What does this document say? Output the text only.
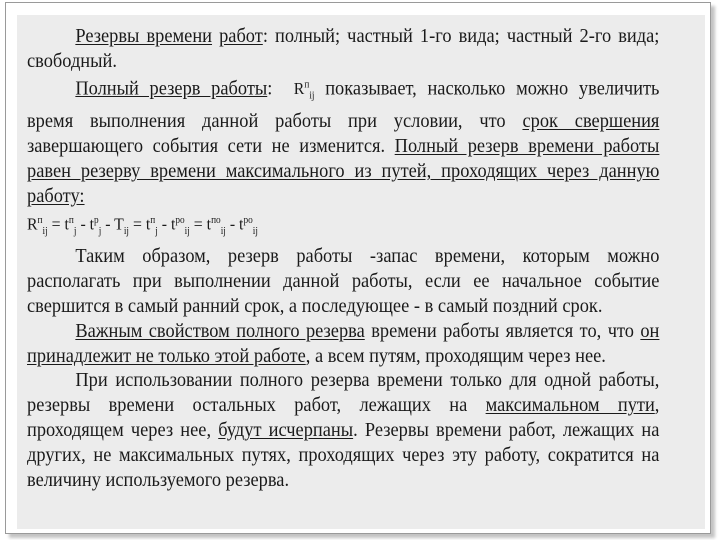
Резервы времени работ: полный; частный 1-го вида; частный 2-го вида; свободный.

Полный резерв работы: $R^п_{ij}$ показывает, насколько можно увеличить время выполнения данной работы при условии, что срок свершения завершающего события сети не изменится. Полный резерв времени работы равен резерву времени максимального из путей, проходящих через данную работу:

$R^п_{ij} = t^п_j - t^р_j - T_{ij} = t^п_j - t^{ро}_{ij} = t^{по}_{ij} - t^{ро}_{ij}$

Таким образом, резерв работы -запас времени, которым можно располагать при выполнении данной работы, если ее начальное событие свершится в самый ранний срок, а последующее - в самый поздний срок.

Важным свойством полного резерва времени работы является то, что он принадлежит не только этой работе, а всем путям, проходящим через нее.

При использовании полного резерва времени только для одной работы, резервы времени остальных работ, лежащих на максимальном пути, проходящем через нее, будут исчерпаны. Резервы времени работ, лежащих на других, не максимальных путях, проходящих через эту работу, сократится на величину используемого резерва.
